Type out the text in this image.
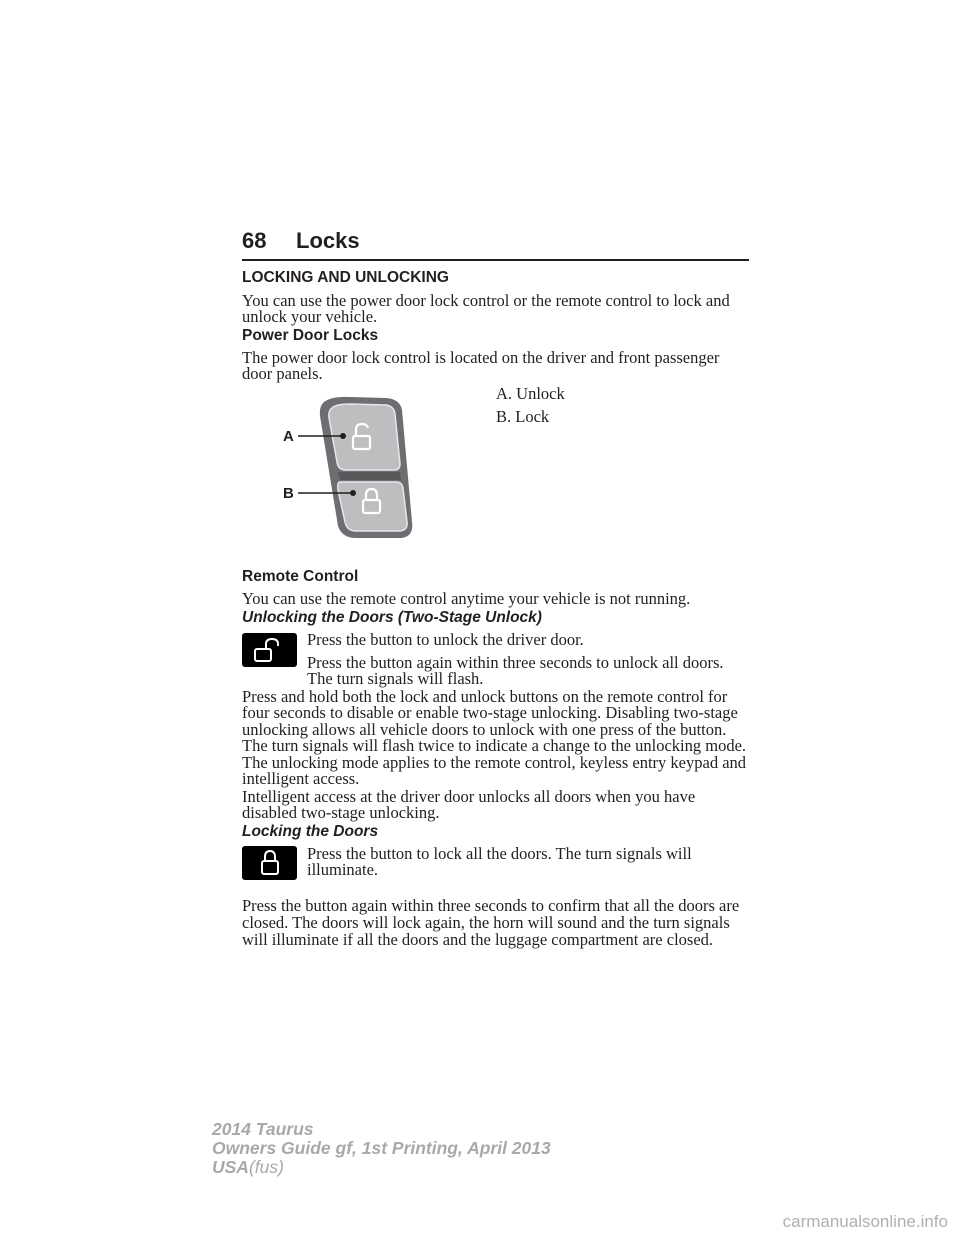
68 Locks
LOCKING AND UNLOCKING
You can use the power door lock control or the remote control to lock and unlock your vehicle.
Power Door Locks
The power door lock control is located on the driver and front passenger door panels.
A
B
A. Unlock
B. Lock
Remote Control
You can use the remote control anytime your vehicle is not running.
Unlocking the Doors (Two-Stage Unlock)
Press the button to unlock the driver door.
Press the button again within three seconds to unlock all doors. The turn signals will flash.
Press and hold both the lock and unlock buttons on the remote control for four seconds to disable or enable two-stage unlocking. Disabling two-stage unlocking allows all vehicle doors to unlock with one press of the button. The turn signals will flash twice to indicate a change to the unlocking mode. The unlocking mode applies to the remote control, keyless entry keypad and intelligent access.
Intelligent access at the driver door unlocks all doors when you have disabled two-stage unlocking.
Locking the Doors
Press the button to lock all the doors. The turn signals will illuminate.
Press the button again within three seconds to confirm that all the doors are closed. The doors will lock again, the horn will sound and the turn signals will illuminate if all the doors and the luggage compartment are closed.
2014 Taurus
Owners Guide gf, 1st Printing, April 2013
USA(fus)
carmanualsonline.info
